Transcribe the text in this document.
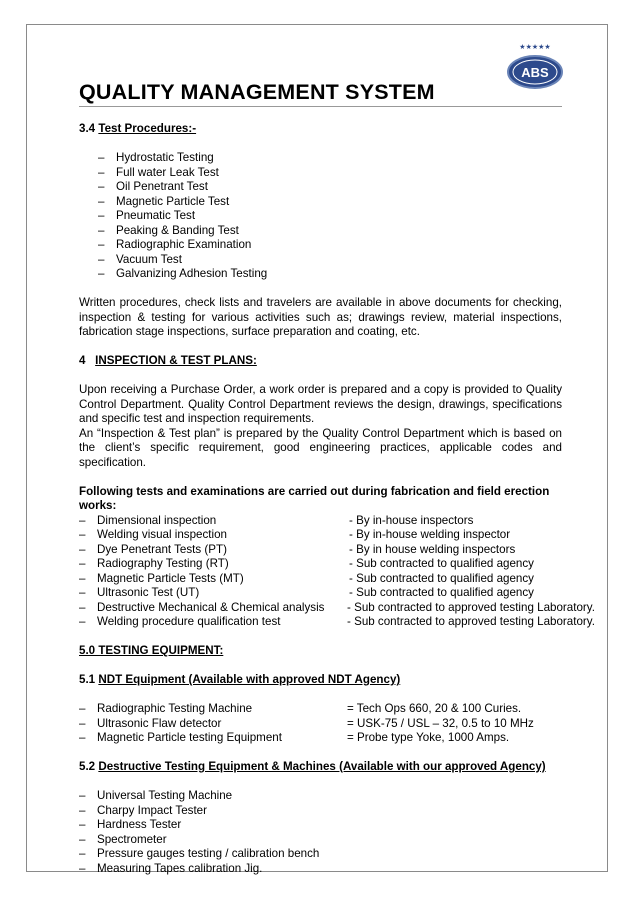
★★★★★
ABS
QUALITY MANAGEMENT SYSTEM

3.4 Test Procedures:-

– Hydrostatic Testing
– Full water Leak Test
– Oil Penetrant Test
– Magnetic Particle Test
– Pneumatic Test
– Peaking & Banding Test
– Radiographic Examination
– Vacuum Test
– Galvanizing Adhesion Testing

Written procedures, check lists and travelers are available in above documents for checking, inspection & testing for various activities such as; drawings review, material inspections, fabrication stage inspections, surface preparation and coating, etc.

4 INSPECTION & TEST PLANS:

Upon receiving a Purchase Order, a work order is prepared and a copy is provided to Quality Control Department. Quality Control Department reviews the design, drawings, specifications and specific test and inspection requirements.

An “Inspection & Test plan” is prepared by the Quality Control Department which is based on the client’s specific requirement, good engineering practices, applicable codes and specification.

Following tests and examinations are carried out during fabrication and field erection works:

– Dimensional inspection	- By in-house inspectors
– Welding visual inspection	- By in-house welding inspector
– Dye Penetrant Tests (PT)	- By in house welding inspectors
– Radiography Testing (RT)	- Sub contracted to qualified agency
– Magnetic Particle Tests (MT)	- Sub contracted to qualified agency
– Ultrasonic Test (UT)	- Sub contracted to qualified agency
– Destructive Mechanical & Chemical analysis - Sub contracted to approved testing Laboratory.
– Welding procedure qualification test	- Sub contracted to approved testing Laboratory.

5.0 TESTING EQUIPMENT:

5.1 NDT Equipment (Available with approved NDT Agency)

– Radiographic Testing Machine	= Tech Ops 660, 20 & 100 Curies.
– Ultrasonic Flaw detector	= USK-75 / USL – 32, 0.5 to 10 MHz
– Magnetic Particle testing Equipment	= Probe type Yoke, 1000 Amps.

5.2 Destructive Testing Equipment & Machines (Available with our approved Agency)

– Universal Testing Machine
– Charpy Impact Tester
– Hardness Tester
– Spectrometer
– Pressure gauges testing / calibration bench
– Measuring Tapes calibration Jig.
